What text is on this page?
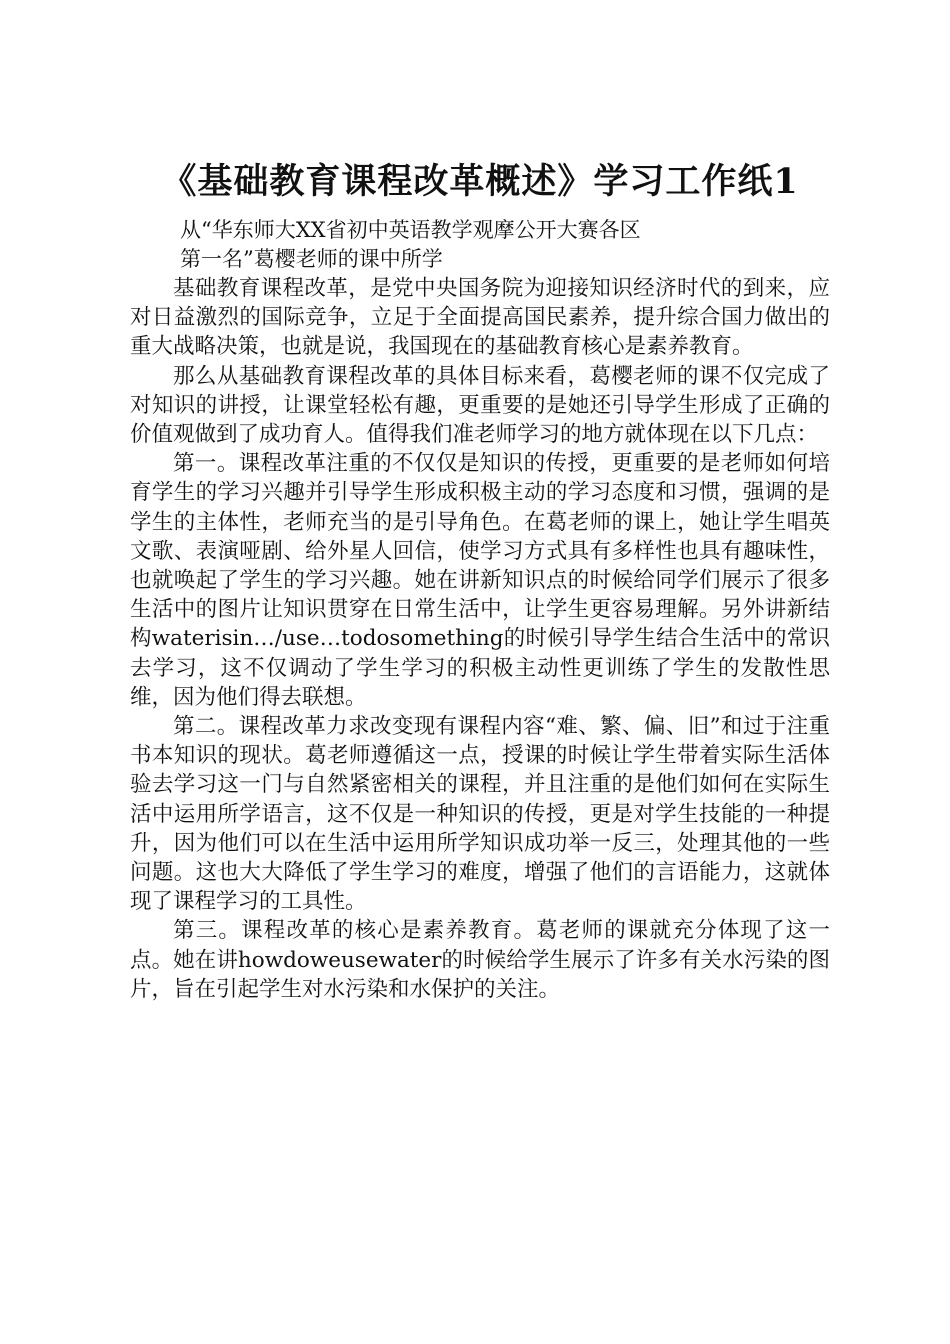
《基础教育课程改革概述》学习工作纸1
从“华东师大XX省初中英语教学观摩公开大赛各区
第一名”葛樱老师的课中所学

基础教育课程改革，是党中央国务院为迎接知识经济时代的到来，应对日益激烈的国际竞争，立足于全面提高国民素养，提升综合国力做出的重大战略决策，也就是说，我国现在的基础教育核心是素养教育。

那么从基础教育课程改革的具体目标来看，葛樱老师的课不仅完成了对知识的讲授，让课堂轻松有趣，更重要的是她还引导学生形成了正确的价值观做到了成功育人。值得我们准老师学习的地方就体现在以下几点：

第一。课程改革注重的不仅仅是知识的传授，更重要的是老师如何培育学生的学习兴趣并引导学生形成积极主动的学习态度和习惯，强调的是学生的主体性，老师充当的是引导角色。在葛老师的课上，她让学生唱英文歌、表演哑剧、给外星人回信，使学习方式具有多样性也具有趣味性，也就唤起了学生的学习兴趣。她在讲新知识点的时候给同学们展示了很多生活中的图片让知识贯穿在日常生活中，让学生更容易理解。另外讲新结构waterisin…/use…todosomething的时候引导学生结合生活中的常识去学习，这不仅调动了学生学习的积极主动性更训练了学生的发散性思维，因为他们得去联想。

第二。课程改革力求改变现有课程内容“难、繁、偏、旧”和过于注重书本知识的现状。葛老师遵循这一点，授课的时候让学生带着实际生活体验去学习这一门与自然紧密相关的课程，并且注重的是他们如何在实际生活中运用所学语言，这不仅是一种知识的传授，更是对学生技能的一种提升，因为他们可以在生活中运用所学知识成功举一反三，处理其他的一些问题。这也大大降低了学生学习的难度，增强了他们的言语能力，这就体现了课程学习的工具性。

第三。课程改革的核心是素养教育。葛老师的课就充分体现了这一点。她在讲howdoweusewater的时候给学生展示了许多有关水污染的图片，旨在引起学生对水污染和水保护的关注。
